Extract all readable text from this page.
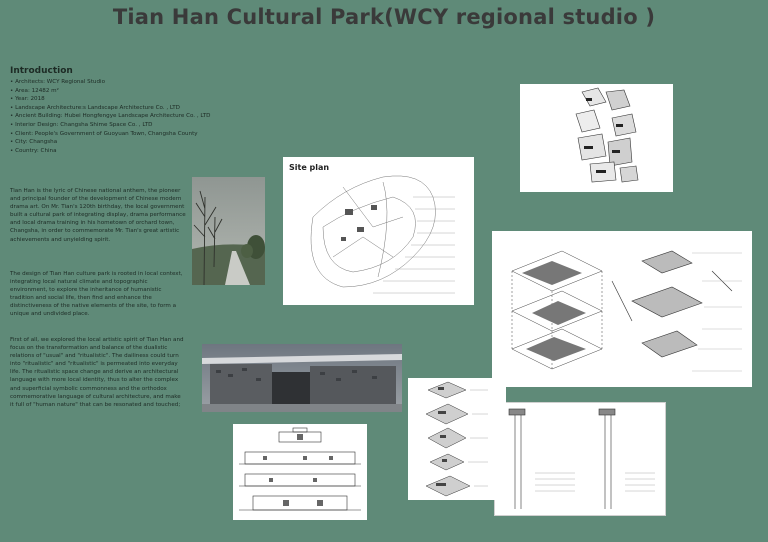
Tian Han Cultural Park(WCY regional studio )
Introduction
• Architects: WCY Regional Studio
• Area: 12482 m²
• Year: 2018
• Landscape Architecture:s Landscape Architecture Co. , LTD
• Ancient Building: Hubei Hongfengye Landscape Architecture Co. , LTD
• Interior Design: Changsha Shime Space Co. , LTD
• Client: People's Government of Guoyuan Town, Changsha County
• City: Changsha
• Country: China

Tian Han is the lyric of Chinese national anthem, the pioneer and principal founder of the development of Chinese modern drama art. On Mr. Tian's 120th birthday, the local government built a cultural park of integrating display, drama performance and local drama training in his hometown of orchard town, Changsha, in order to commemorate Mr. Tian's great artistic achievements and unyielding spirit.

The design of Tian Han culture park is rooted in local context, integrating local natural climate and topographic environment, to explore the inheritance of humanistic tradition and social life, then find and enhance the distinctiveness of the native elements of the site, to form a unique and undivided place.

First of all, we explored the local artistic spirit of Tian Han and focus on the transformation and balance of the dualistic relations of "usual" and "ritualistic". The dailiness could turn into "ritualistic" and "ritualistic" is permeated into everyday life. The ritualistic space change and derive an architectural language with more local identity, thus to alter the complex and superficial symbolic commonness and the orthodox commemorative language of cultural architecture, and make it full of "human nature" that can be resonated and touched;

Site plan
